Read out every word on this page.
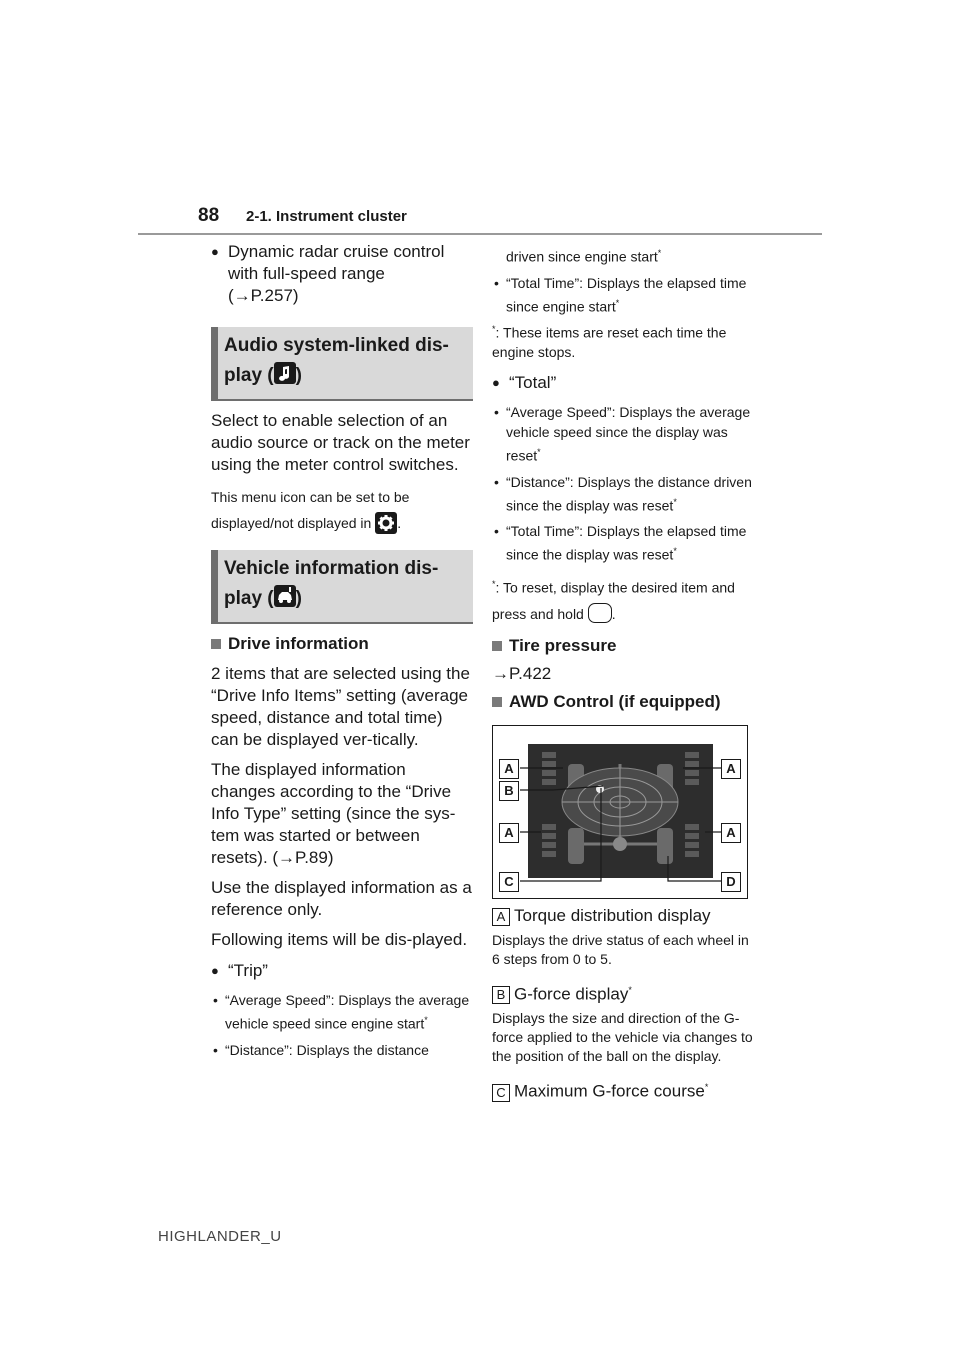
88 2-1. Instrument cluster

● Dynamic radar cruise control with full-speed range
(→P.257)

Audio system-linked dis-
play ( )

Select to enable selection of an audio source or track on the meter using the meter control switches.

This menu icon can be set to be displayed/not displayed in .

Vehicle information dis-
play ( )

Drive information

2 items that are selected using the “Drive Info Items” setting (average speed, distance and total time) can be displayed ver-tically.

The displayed information changes according to the “Drive Info Type” setting (since the sys-tem was started or between resets). (→P.89)

Use the displayed information as a reference only.

Following items will be dis-played.

● “Trip”

• “Average Speed”: Displays the average vehicle speed since engine start*

• “Distance”: Displays the distance

driven since engine start*

• “Total Time”: Displays the elapsed time since engine start*

*: These items are reset each time the engine stops.

● “Total”

• “Average Speed”: Displays the average vehicle speed since the display was reset*

• “Distance”: Displays the distance driven since the display was reset*

• “Total Time”: Displays the elapsed time since the display was reset*

*: To reset, display the desired item and press and hold .

Tire pressure

→P.422

AWD Control (if equipped)

A	A
B
A	A
C	D

A Torque distribution display

Displays the drive status of each wheel in 6 steps from 0 to 5.

B G-force display*

Displays the size and direction of the G-force applied to the vehicle via changes to the position of the ball on the display.

C Maximum G-force course*

HIGHLANDER_U
